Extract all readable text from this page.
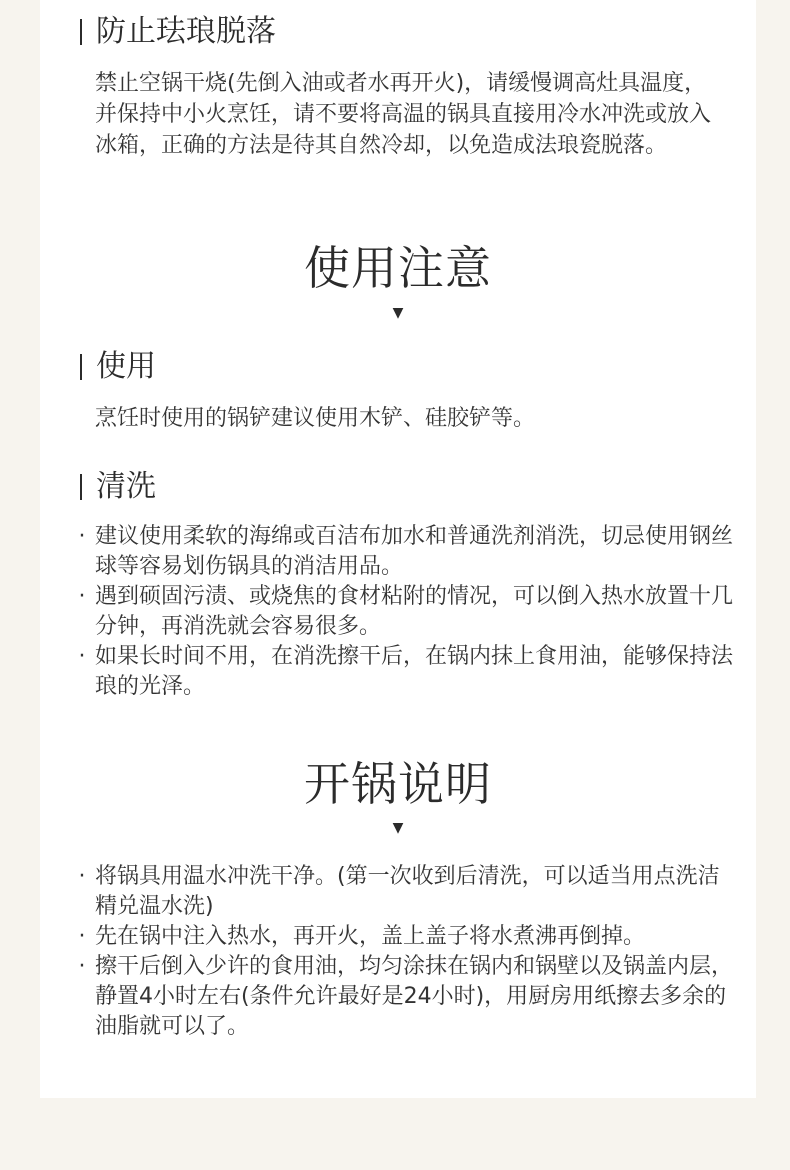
防止珐琅脱落
禁止空锅干烧(先倒入油或者水再开火)，请缓慢调高灶具温度，并保持中小火烹饪，请不要将高温的锅具直接用冷水冲洗或放入冰箱，正确的方法是待其自然冷却，以免造成法琅瓷脱落。
使用注意
▼
使用
烹饪时使用的锅铲建议使用木铲、硅胶铲等。
清洗
· 建议使用柔软的海绵或百洁布加水和普通洗剂消洗，切忌使用钢丝球等容易划伤锅具的消洁用品。
· 遇到硕固污渍、或烧焦的食材粘附的情况，可以倒入热水放置十几分钟，再消洗就会容易很多。
· 如果长时间不用，在消洗擦干后，在锅内抹上食用油，能够保持法琅的光泽。
开锅说明
▼
· 将锅具用温水冲洗干净。(第一次收到后清洗，可以适当用点洗洁精兑温水洗)
· 先在锅中注入热水，再开火，盖上盖子将水煮沸再倒掉。
· 擦干后倒入少许的食用油，均匀涂抹在锅内和锅壁以及锅盖内层，静置4小时左右(条件允许最好是24小时)，用厨房用纸擦去多余的油脂就可以了。
